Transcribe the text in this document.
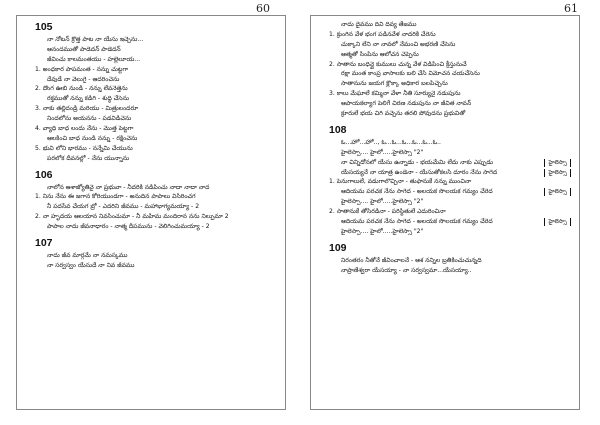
60
105
నా నోటన్ క్రొత్త పాట నా యేసు ఇచ్చెను...
ఆనందముతో పాడెదన్ పాడెదన్
జీవించు కాలమంతయు - హల్లెలూయ...
1. అంధకార పాపమంత - నన్ను చుట్టగా
దేవుడే నా వెలుగై - ఆదరించెను
2. దొంగ ఊబి నుండి - నన్ను లేవనెత్తెను
రక్తముతో నన్ను కడిగి - శుద్ధి చేసెను
3. నాకు తల్లిదండ్రి మరియు - మిత్రులందరూ
నిందలోను అయనను - పడవిడిచెను
4. వ్యాధి బాధ లందు నేను - మొత్త పెట్టగా
ఆలకించి బాధ నుండి నన్ను - రక్షించెను
5. భువి లోని భారము - నన్నేమి చేయును
పరలోక దీవనల్లో - నేను యున్నాను
106
నాలోన ఆశాజ్యోతివై నా ప్రభువా - నీదరికి నడిపించు నాదా నాదా నాద
1. నిను నేను ఈ జగాన కోరియుండగా - అనుదిన పాపాలు విసిరించగ
నీ పదసేవ చేయగ బ్రో - ఎదరిని జీవము - మహాభాగ్యమయ్యా - 2
2. నా హృదయ ఆలయాన నివసించుమా - నీ మహిమ మందిరాన నను నిల్పుమా 2
పాపాల నాదు జీవనాధారం - నాత్మ దీపమును - వెలిగించుమయ్యా - 2
107
నాదు జీవ మార్గమే నా నమస్కము
నా సర్వస్వం యేసుదే నా నివ జీవము
61
నాదు దైవము దివి దివ్య తేజము
1. క్రుంగిన వేళ భంగ పడినవేళ నాదరికి చేరెను
చుక్కాని లేని నా నావలో నేమంచి అభరణి చేసెను
ఆత్మతో సింపిను ఆలోచన చెప్పెను
2. సాతాను బంధిన్లై కుములు చున్న వేళ విడిపించి క్రీస్తునుచే
రక్షా మంత కాంప్ర వాసాలకు బలి చేసి విమోచన చయచేసెను
సాతానును జయగ క్లొక్కా అధికార బలపిచ్చెను
3. కాలు మేఘాలే కమ్మినా వేళా నీతి సూర్యునై నడుపును
ఆపాయకల్యాగ పెలిగే చిరణ నడుపును నా జీవిత నావన్
క్రూరులే భయ చిగి వచ్చెను తరలి పోవుదను ప్రభువితో
108
ఓ...హో...హో.., ఓ...ఓ...ఓ...ఓ...ఓ...ఓ..
హైలెస్సా.... హైలో.....హైలెస్సా "2"
నా చిన్నిదోనలో యేసు ఉన్నాడు - భయమేమి లేదు నాకు ఎప్పుడు	హైలెస్సా
యేసయ్యనే నా యాత్ర ఉండెనా - యేసుతోకలసి దూరం నేను సాగెద	హైలెస్సా
1. పెనుగాలులే, వడుగాలొచ్చినా - తుఫానుకే నన్ను ముంచినా
ఆదియమ పరచక నేను సాగెద - అలయక సొలయక గమ్యం చేరెద	హైలెస్సా
హైలెస్సా.... హైలో.....హైలెస్సా "2"
2. సాతానుకే తోసిరడినా - పరిస్థితులే ఎదురించినా
ఆదియమ పరచక నేను సాగెద - అలయక సొలయక గమ్యం చేరెద	హైలెస్సా
హైలెస్సా.... హైలో.....హైలెస్సా "2"
109
నిరంతరం నీతోనే జీవించాలనే - ఆశ నన్నిల బ్రతికించుచున్నది
నాప్రాణేశ్వరా యేసయ్యా - నా సర్వస్వమా...యేసయ్యా..
